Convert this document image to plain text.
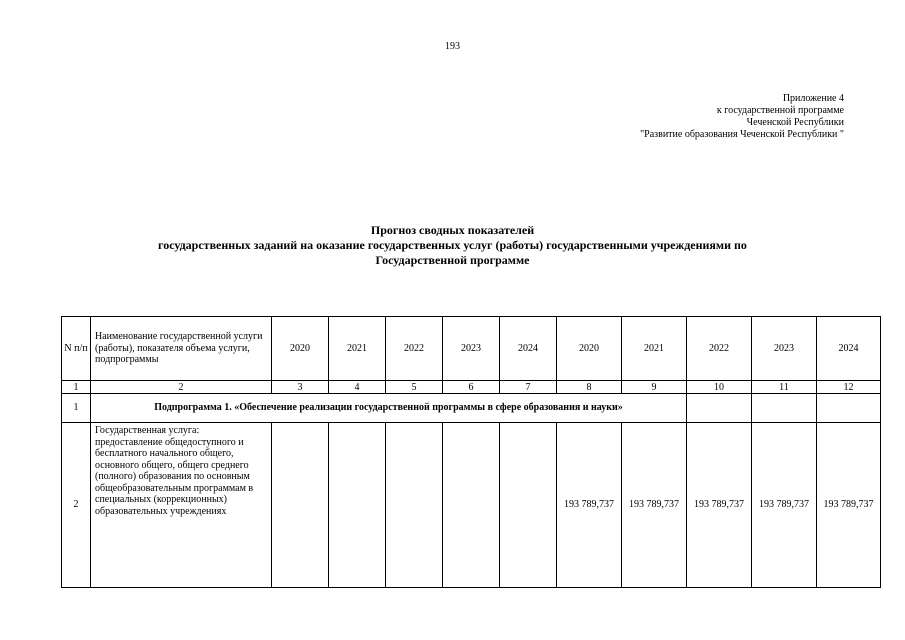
193
Приложение 4
к государственной программе
Чеченской Республики
"Развитие образования Чеченской Республики "
Прогноз сводных показателей
государственных заданий на оказание государственных услуг (работы) государственными учреждениями по
Государственной программе
N п/п	Наименование государственной услуги (работы), показателя объема услуги, подпрограммы	2020	2021	2022	2023	2024	2020	2021	2022	2023	2024
1	2	3	4	5	6	7	8	9	10	11	12
1	Подпрограмма 1. «Обеспечение реализации государственной программы в сфере образования и науки»										
2	Государственная услуга: предоставление общедоступного и бесплатного начального общего, основного общего, общего среднего (полного) образования по основным общеобразовательным программам в специальных (коррекционных) образовательных учреждениях						193 789,737	193 789,737	193 789,737	193 789,737	193 789,737
